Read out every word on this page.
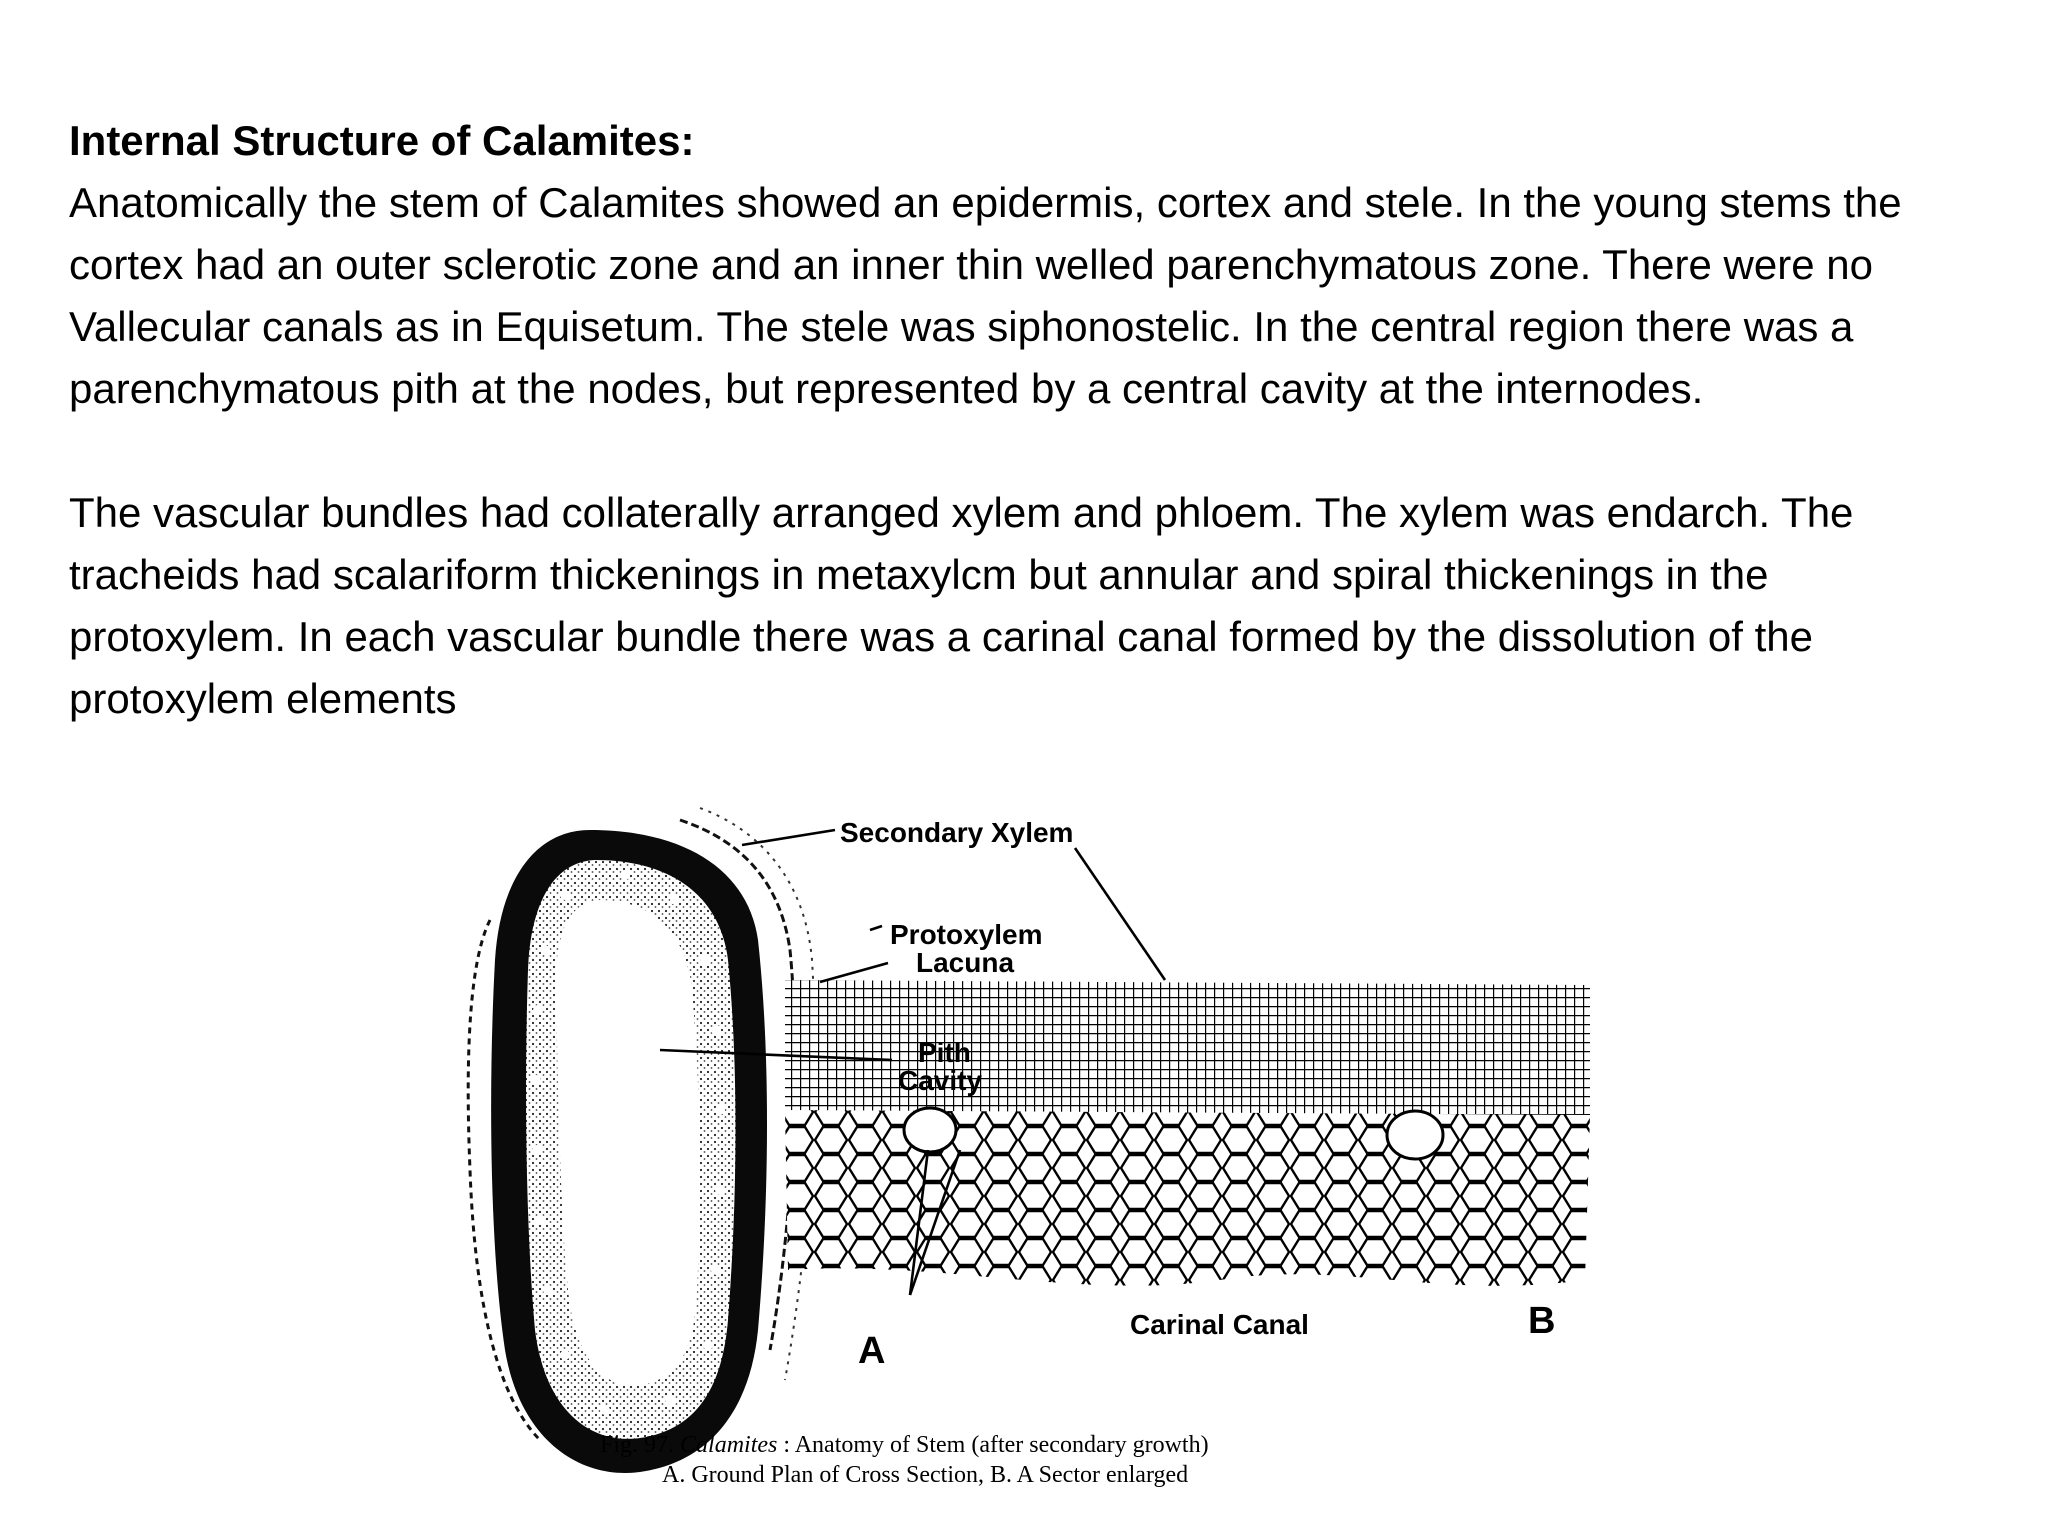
Internal Structure of Calamites:

Anatomically the stem of Calamites showed an epidermis, cortex and stele. In the young stems the cortex had an outer sclerotic zone and an inner thin welled parenchymatous zone. There were no Vallecular canals as in Equisetum. The stele was siphonostelic. In the central region there was a parenchymatous pith at the nodes, but represented by a central cavity at the internodes.

The vascular bundles had collaterally arranged xylem and phloem. The xylem was endarch. The tracheids had scalariform thickenings in metaxylcm but annular and spiral thickenings in the protoxylem. In each vascular bundle there was a carinal canal formed by the dissolution of the protoxylem elements

Secondary Xylem
Protoxylem
Lacuna
Pith
Cavity
Carinal Canal
A
B
Fig. 97. Calamites : Anatomy of Stem (after secondary growth)
A. Ground Plan of Cross Section, B. A Sector enlarged
